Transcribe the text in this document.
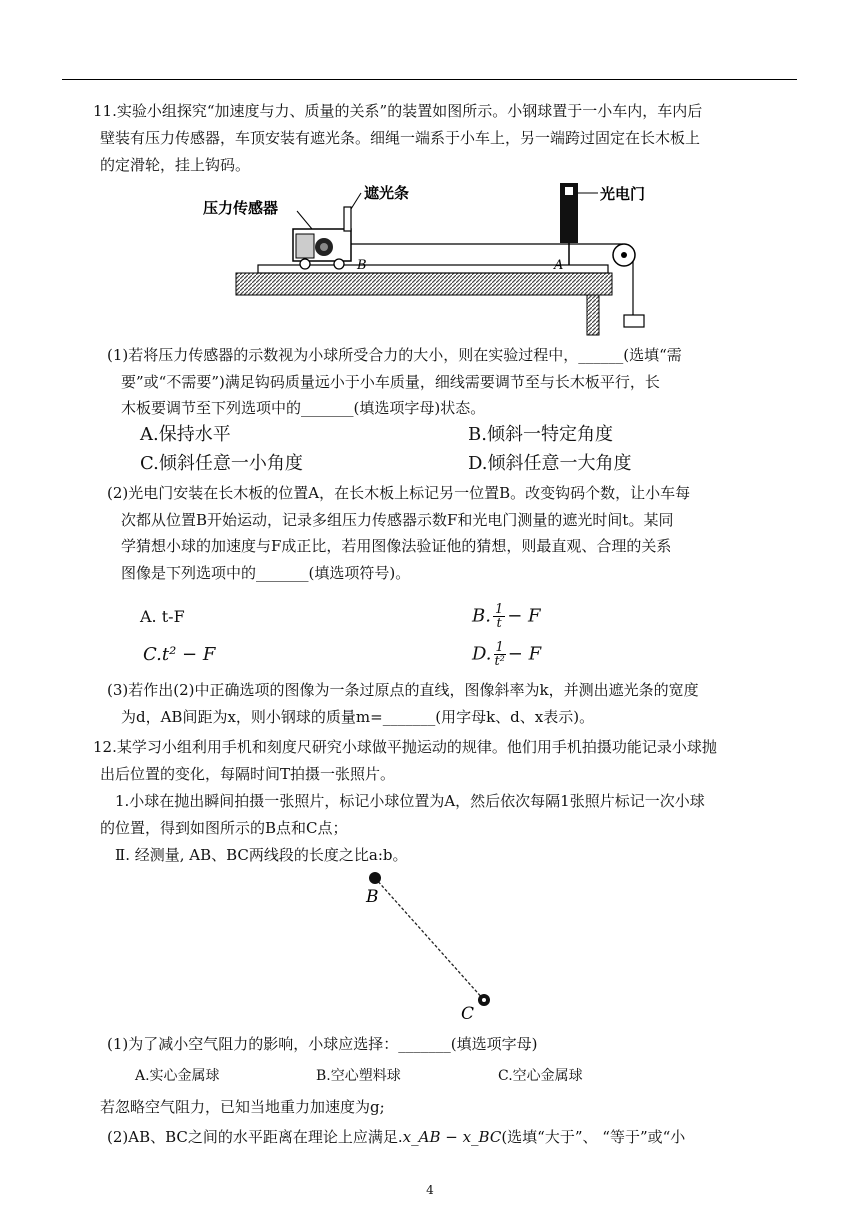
11.实验小组探究“加速度与力、质量的关系”的装置如图所示。小钢球置于一小车内，车内后
壁装有压力传感器，车顶安装有遮光条。细绳一端系于小车上，另一端跨过固定在长木板上
的定滑轮，挂上钩码。
压力传感器
遮光条	光电门
B	A
(1)若将压力传感器的示数视为小球所受合力的大小，则在实验过程中，______(选填“需
要”或“不需要”)满足钩码质量远小于小车质量，细线需要调节至与长木板平行，长
木板要调节至下列选项中的_______(填选项字母)状态。
A.保持水平	B.倾斜一特定角度
C.倾斜任意一小角度	D.倾斜任意一大角度
(2)光电门安装在长木板的位置A，在长木板上标记另一位置B。改变钩码个数，让小车每
次都从位置B开始运动，记录多组压力传感器示数F和光电门测量的遮光时间t。某同
学猜想小球的加速度与F成正比，若用图像法验证他的猜想，则最直观、合理的关系
图像是下列选项中的_______(填选项符号)。
A. t-F	B. $\frac{1}{t} - F$
C.t² − F	D. $\frac{1}{\text{t²}} - F$
(3)若作出(2)中正确选项的图像为一条过原点的直线，图像斜率为k，并测出遮光条的宽度
为d，AB间距为x，则小钢球的质量m=_______(用字母k、d、x表示)。
12.某学习小组利用手机和刻度尺研究小球做平抛运动的规律。他们用手机拍摄功能记录小球抛
出后位置的变化，每隔时间T拍摄一张照片。
1.小球在抛出瞬间拍摄一张照片，标记小球位置为A，然后依次每隔1张照片标记一次小球
的位置，得到如图所示的B点和C点；
Ⅱ. 经测量, AB、BC两线段的长度之比a:b。
B
C
(1)为了减小空气阻力的影响，小球应选择：_______(填选项字母)
A.实心金属球	B.空心塑料球	C.空心金属球
若忽略空气阻力，已知当地重力加速度为g;
(2)AB、BC之间的水平距离在理论上应满足.x_AB − x_BC(选填“大于”、 “等于”或“小
4
